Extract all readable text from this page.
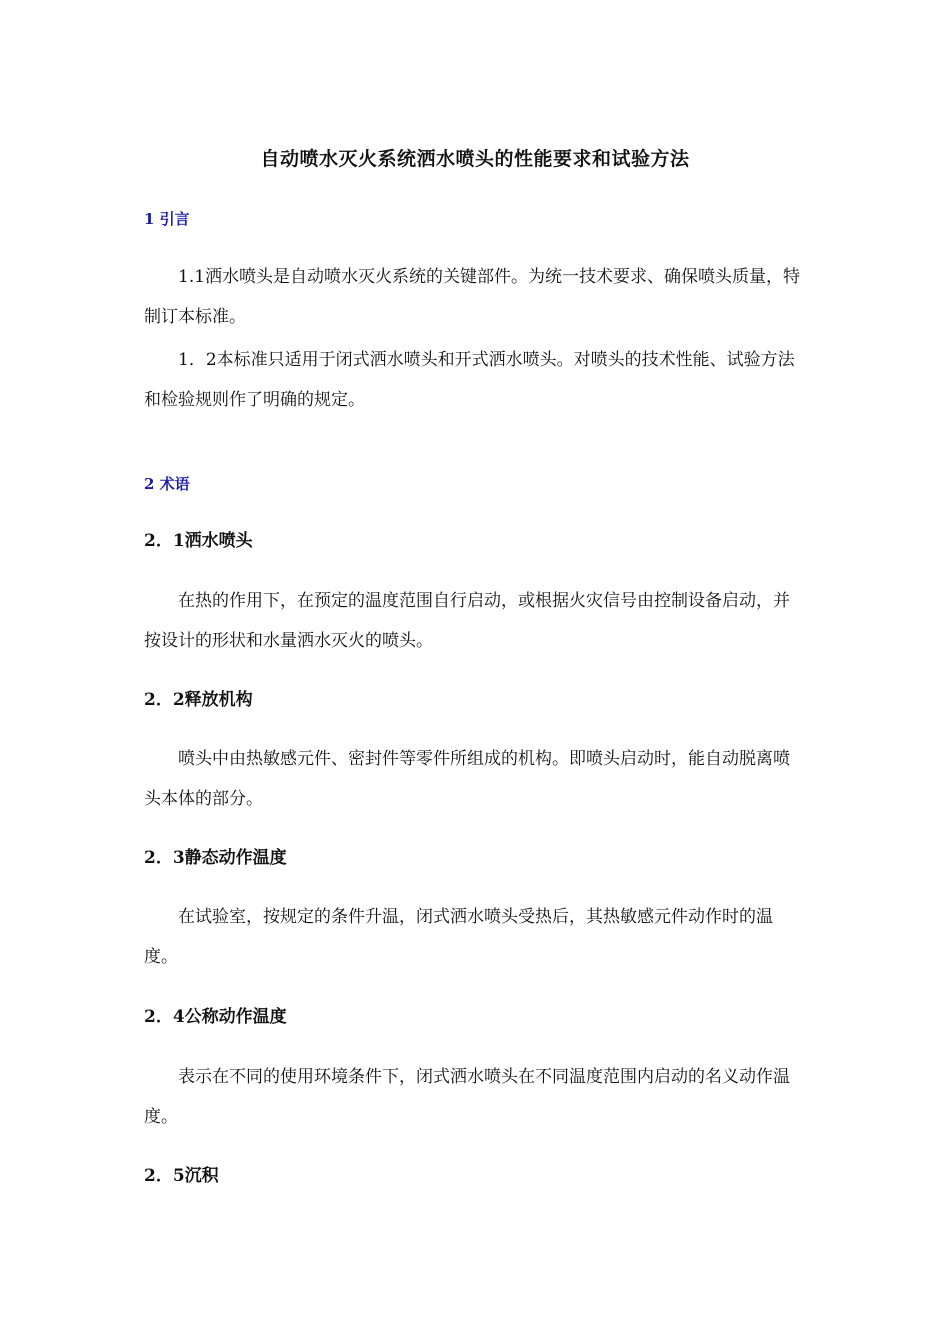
自动喷水灭火系统洒水喷头的性能要求和试验方法
1 引言

1.1洒水喷头是自动喷水灭火系统的关键部件。为统一技术要求、确保喷头质量，特制订本标准。

1．2本标准只适用于闭式洒水喷头和开式洒水喷头。对喷头的技术性能、试验方法和检验规则作了明确的规定。

2 术语
2．1洒水喷头

在热的作用下，在预定的温度范围自行启动，或根据火灾信号由控制设备启动，并按设计的形状和水量洒水灭火的喷头。

2．2释放机构

喷头中由热敏感元件、密封件等零件所组成的机构。即喷头启动时，能自动脱离喷头本体的部分。

2．3静态动作温度

在试验室，按规定的条件升温，闭式洒水喷头受热后，其热敏感元件动作时的温度。

2．4公称动作温度

表示在不同的使用环境条件下，闭式洒水喷头在不同温度范围内启动的名义动作温度。

2．5沉积
